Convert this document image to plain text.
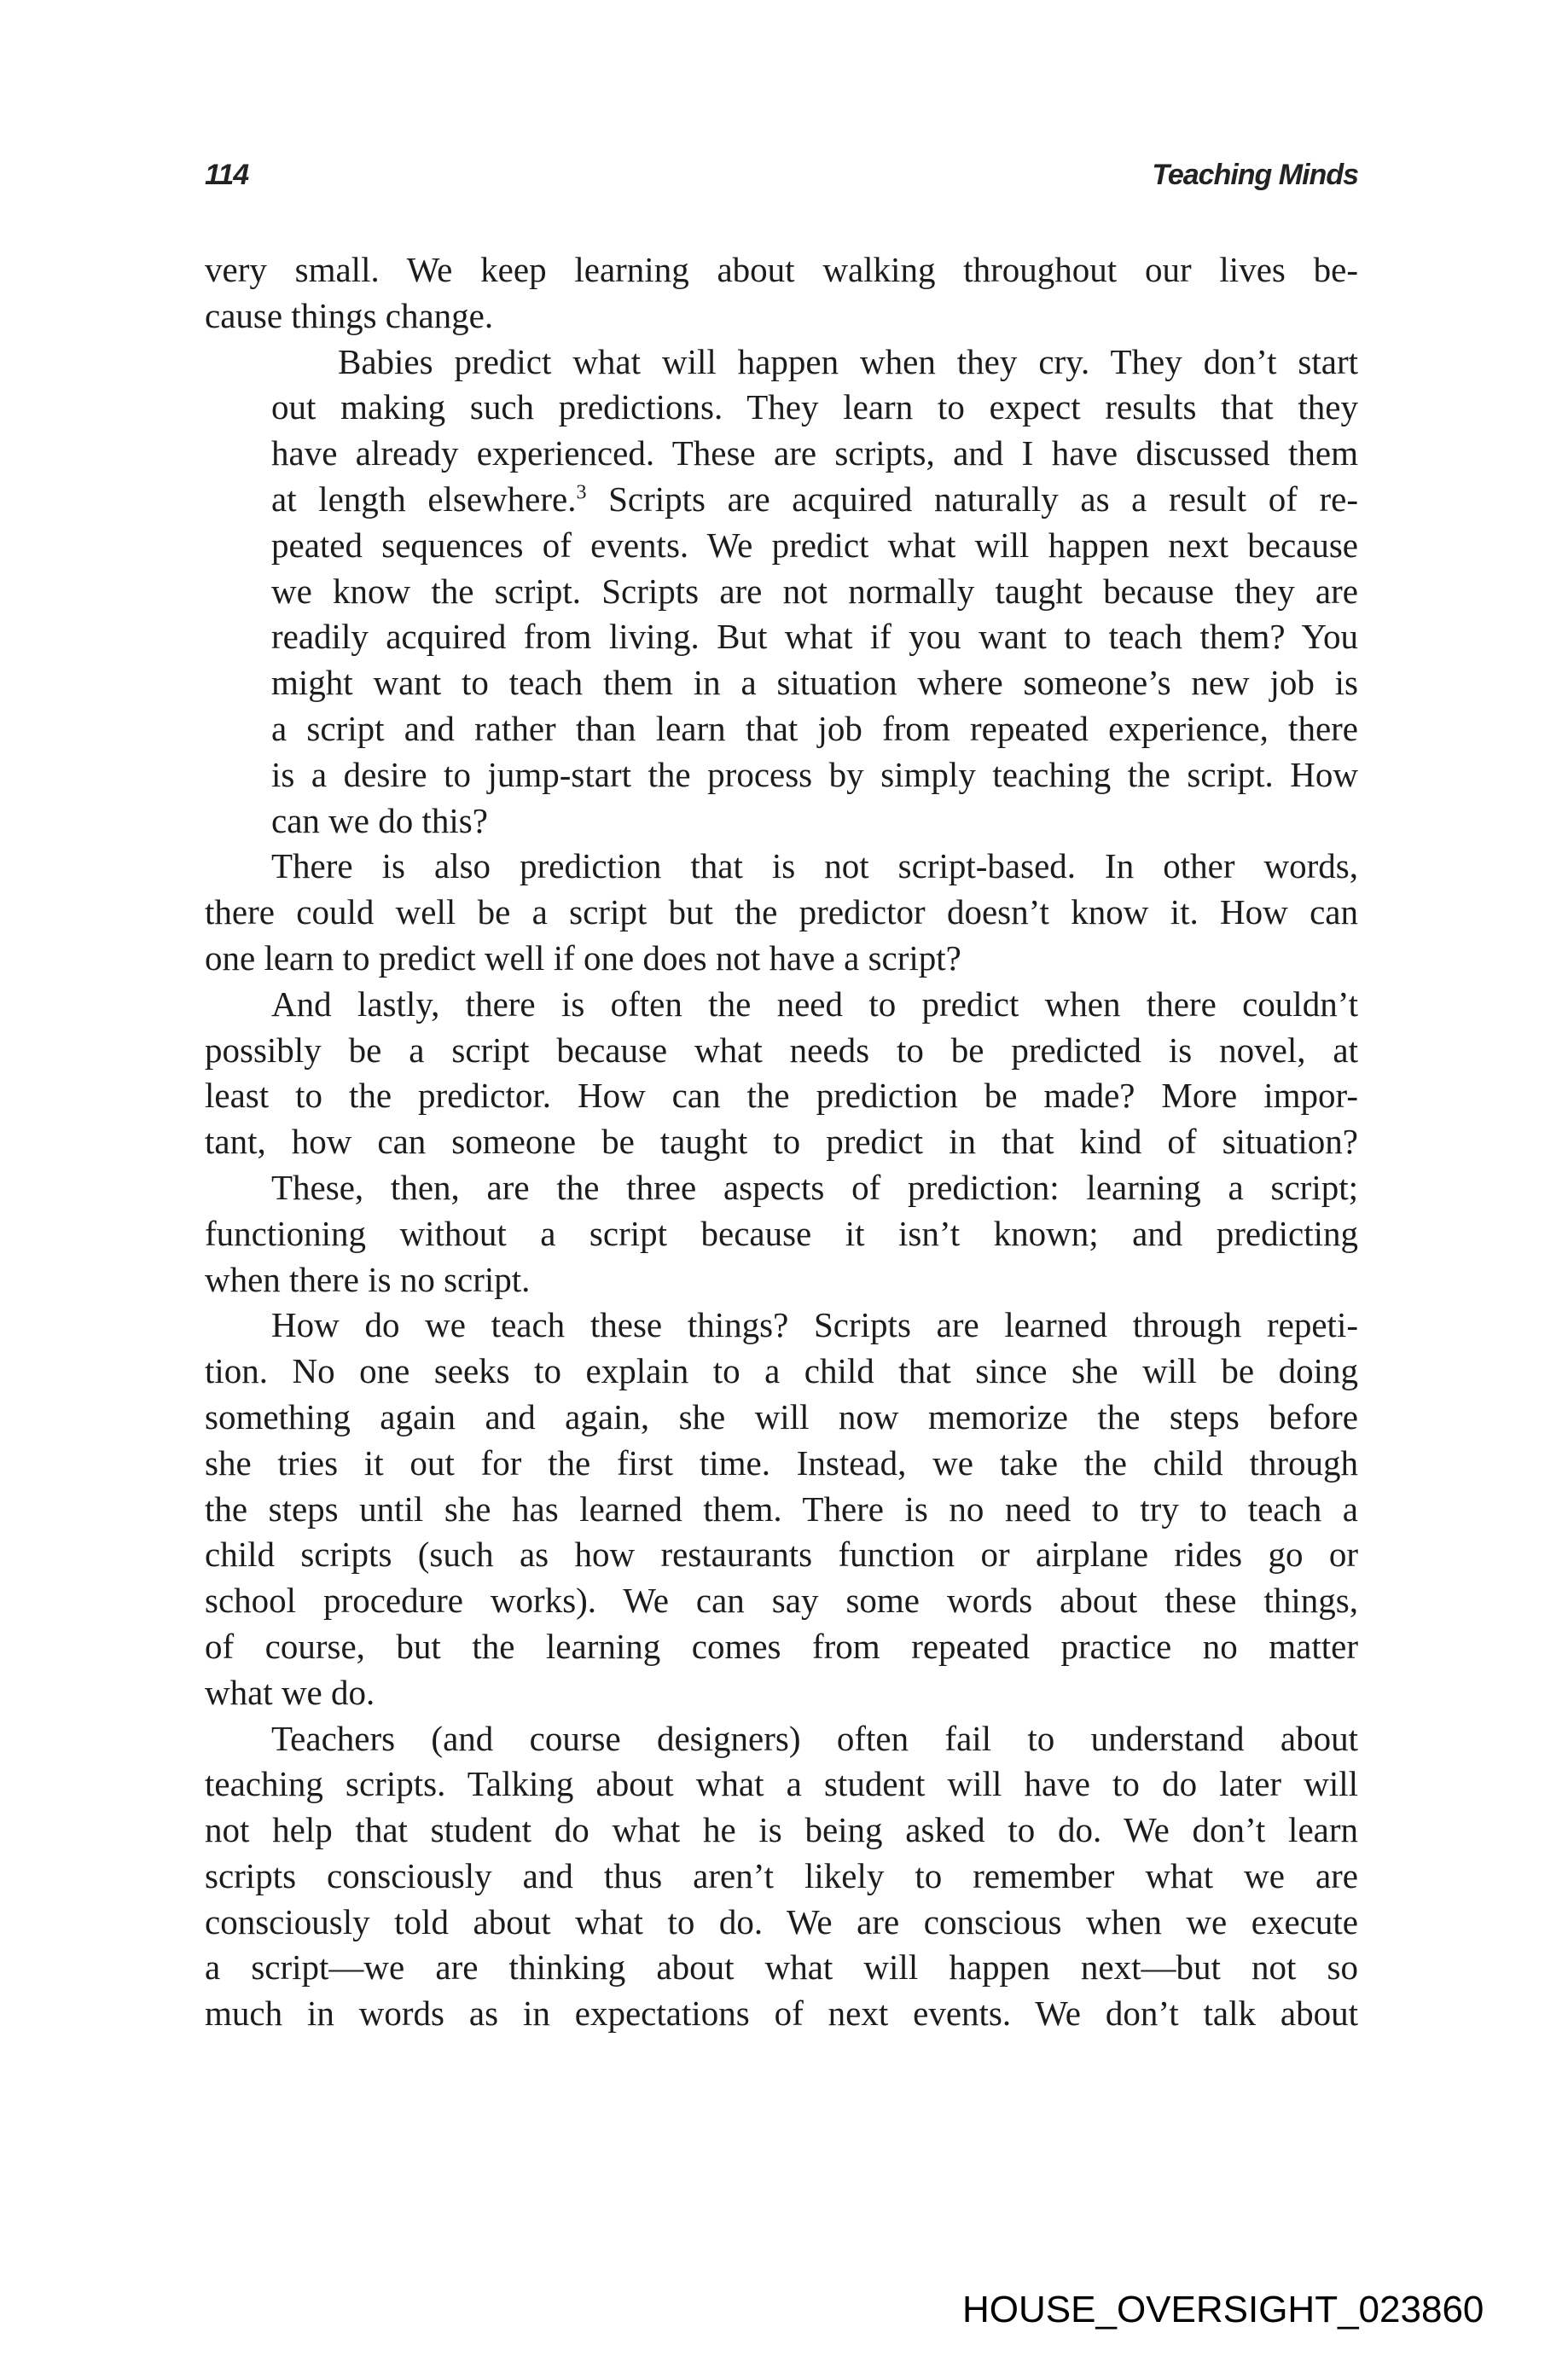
114	Teaching Minds

very small. We keep learning about walking throughout our lives be-
cause things change.

Babies predict what will happen when they cry. They don’t start
out making such predictions. They learn to expect results that they
have already experienced. These are scripts, and I have discussed them
at length elsewhere.$^3$ Scripts are acquired naturally as a result of re-
peated sequences of events. We predict what will happen next because
we know the script. Scripts are not normally taught because they are
readily acquired from living. But what if you want to teach them? You
might want to teach them in a situation where someone’s new job is
a script and rather than learn that job from repeated experience, there
is a desire to jump-start the process by simply teaching the script. How
can we do this?

There is also prediction that is not script-based. In other words,
there could well be a script but the predictor doesn’t know it. How can
one learn to predict well if one does not have a script?

And lastly, there is often the need to predict when there couldn’t
possibly be a script because what needs to be predicted is novel, at
least to the predictor. How can the prediction be made? More impor-
tant, how can someone be taught to predict in that kind of situation?

These, then, are the three aspects of prediction: learning a script;
functioning without a script because it isn’t known; and predicting
when there is no script.

How do we teach these things? Scripts are learned through repeti-
tion. No one seeks to explain to a child that since she will be doing
something again and again, she will now memorize the steps before
she tries it out for the first time. Instead, we take the child through
the steps until she has learned them. There is no need to try to teach a
child scripts (such as how restaurants function or airplane rides go or
school procedure works). We can say some words about these things,
of course, but the learning comes from repeated practice no matter
what we do.

Teachers (and course designers) often fail to understand about
teaching scripts. Talking about what a student will have to do later will
not help that student do what he is being asked to do. We don’t learn
scripts consciously and thus aren’t likely to remember what we are
consciously told about what to do. We are conscious when we execute
a script—we are thinking about what will happen next—but not so
much in words as in expectations of next events. We don’t talk about

HOUSE_OVERSIGHT_023860
